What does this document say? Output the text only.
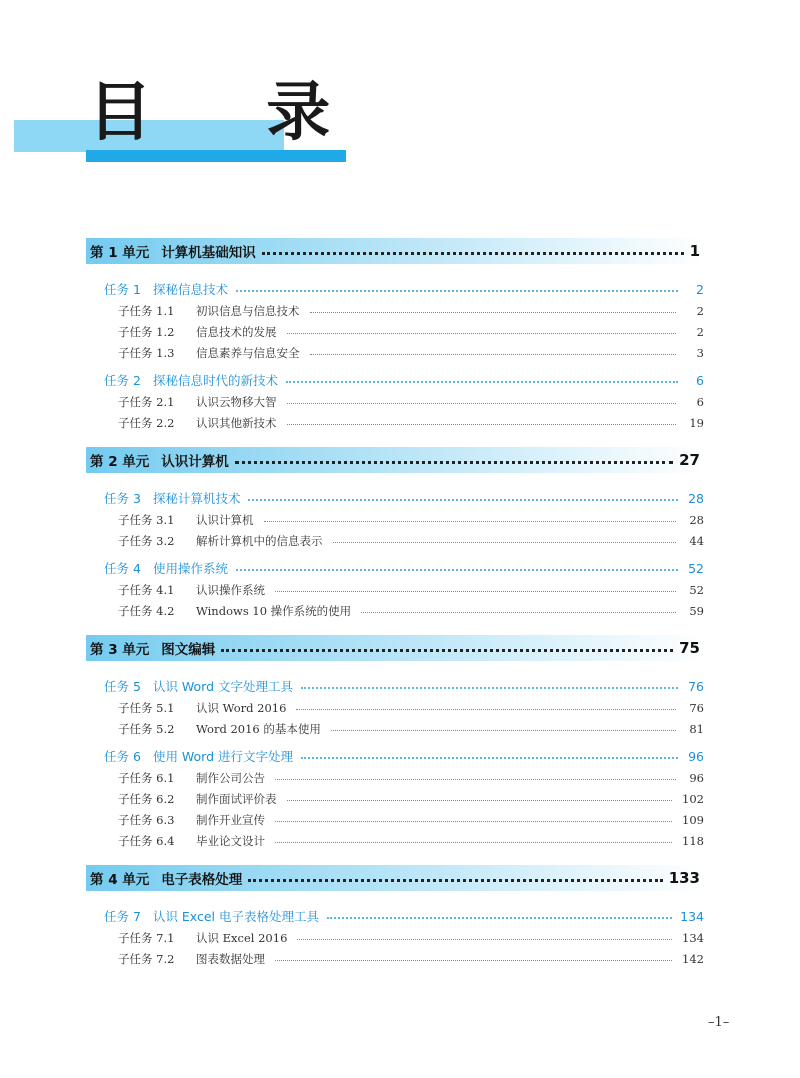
目 录
第 1 单元 计算机基础知识	1
任务 1 探秘信息技术	2
子任务 1.1	初识信息与信息技术	2
子任务 1.2	信息技术的发展	2
子任务 1.3	信息素养与信息安全	3
任务 2 探秘信息时代的新技术	6
子任务 2.1	认识云物移大智	6
子任务 2.2	认识其他新技术	19
第 2 单元 认识计算机	27
任务 3 探秘计算机技术	28
子任务 3.1	认识计算机	28
子任务 3.2	解析计算机中的信息表示	44
任务 4 使用操作系统	52
子任务 4.1	认识操作系统	52
子任务 4.2	Windows 10 操作系统的使用	59
第 3 单元 图文编辑	75
任务 5 认识 Word 文字处理工具	76
子任务 5.1	认识 Word 2016	76
子任务 5.2	Word 2016 的基本使用	81
任务 6 使用 Word 进行文字处理	96
子任务 6.1	制作公司公告	96
子任务 6.2	制作面试评价表	102
子任务 6.3	制作开业宣传	109
子任务 6.4	毕业论文设计	118
第 4 单元 电子表格处理	133
任务 7 认识 Excel 电子表格处理工具	134
子任务 7.1	认识 Excel 2016	134
子任务 7.2	图表数据处理	142
–1–
